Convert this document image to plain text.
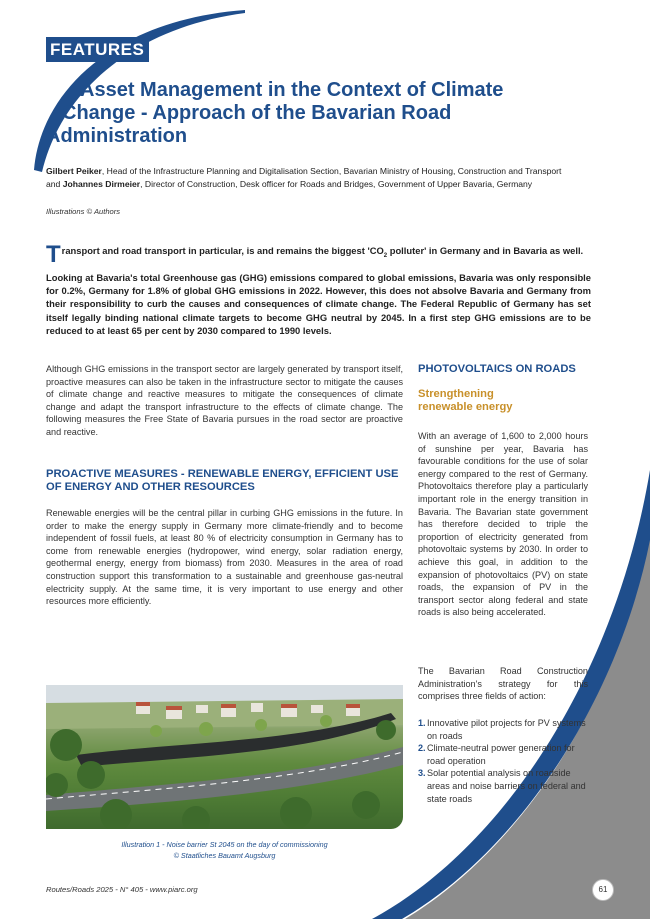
FEATURES
Asset Management in the Context of Climate
Change - Approach of the Bavarian Road
Administration
Gilbert Peiker, Head of the Infrastructure Planning and Digitalisation Section, Bavarian Ministry of Housing, Construction and Transport and Johannes Dirmeier, Director of Construction, Desk officer for Roads and Bridges, Government of Upper Bavaria, Germany
Illustrations © Authors

Transport and road transport in particular, is and remains the biggest '$CO_2$ polluter' in Germany and in Bavaria as well.

Looking at Bavaria's total Greenhouse gas (GHG) emissions compared to global emissions, Bavaria was only responsible for 0.2%, Germany for 1.8% of global GHG emissions in 2022. However, this does not absolve Bavaria and Germany from their responsibility to curb the causes and consequences of climate change. The Federal Republic of Germany has set itself legally binding national climate targets to become GHG neutral by 2045. In a first step GHG emissions are to be reduced to at least 65 per cent by 2030 compared to 1990 levels.

Although GHG emissions in the transport sector are largely generated by transport itself, proactive measures can also be taken in the infrastructure sector to mitigate the causes of climate change and reactive measures to mitigate the consequences of climate change and adapt the transport infrastructure to the effects of climate change. The following measures the Free State of Bavaria pursues in the road sector are proactive and reactive.
PROACTIVE MEASURES - RENEWABLE ENERGY, EFFICIENT USE OF ENERGY AND OTHER RESOURCES
Renewable energies will be the central pillar in curbing GHG emissions in the future. In order to make the energy supply in Germany more climate-friendly and to become independent of fossil fuels, at least 80 % of electricity consumption in Germany has to come from renewable energies (hydropower, wind energy, solar radiation energy, geothermal energy, energy from biomass) from 2030. Measures in the area of road construction support this transformation to a sustainable and greenhouse gas-neutral electricity supply. At the same time, it is very important to use energy and other resources more efficiently.
Illustration 1 - Noise barrier St 2045 on the day of commissioning
© Staatliches Bauamt Augsburg
PHOTOVOLTAICS ON ROADS
Strengthening renewable energy
With an average of 1,600 to 2,000 hours of sunshine per year, Bavaria has favourable conditions for the use of solar energy compared to the rest of Germany. Photovoltaics therefore play a particularly important role in the energy transition in Bavaria. The Bavarian state government has therefore decided to triple the proportion of electricity generated from photovoltaic systems by 2030. In order to achieve this goal, in addition to the expansion of photovoltaics (PV) on state roads, the expansion of PV in the transport sector along federal and state roads is also being accelerated.
The Bavarian Road Construction Administration's strategy for this comprises three fields of action:
1. Innovative pilot projects for PV systems on roads
2. Climate-neutral power generation for road operation
3. Solar potential analysis on roadside areas and noise barriers on federal and state roads
Routes/Roads 2025 - N° 405 - www.piarc.org	61
